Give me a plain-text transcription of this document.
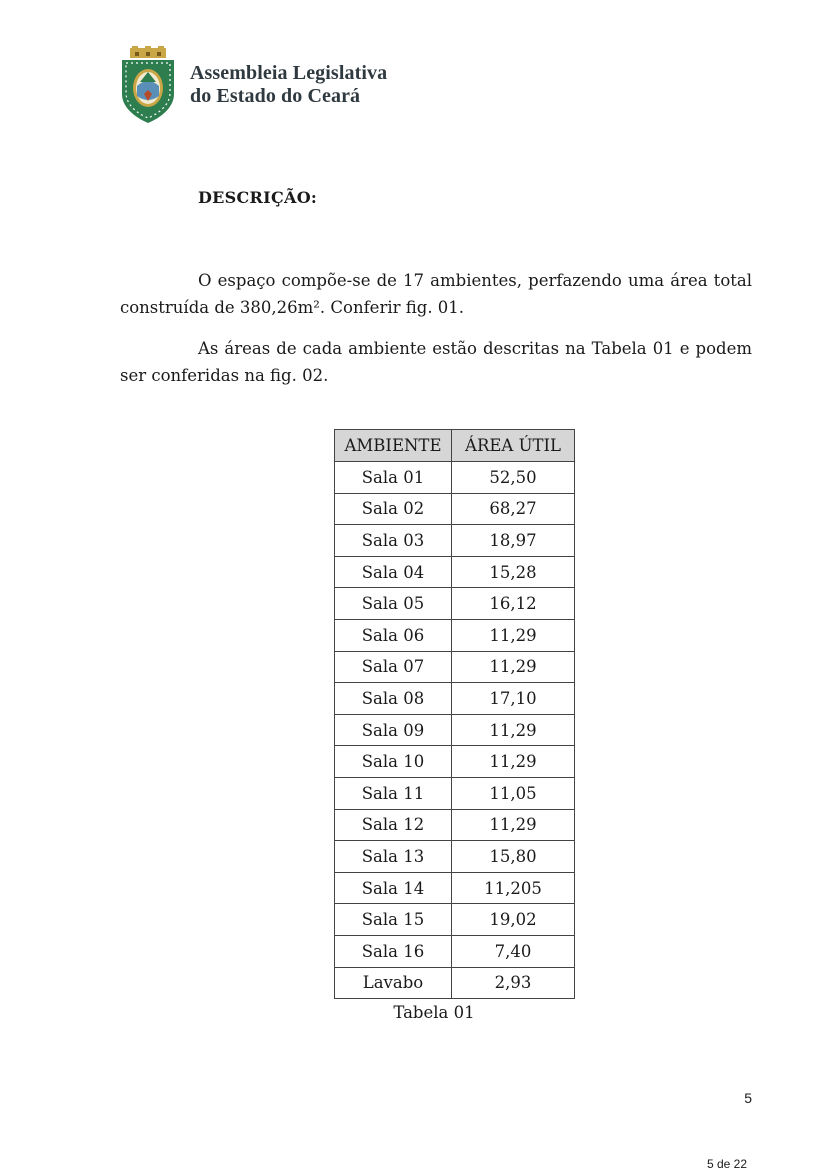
Assembleia Legislativa
do Estado do Ceará
DESCRIÇÃO:

O espaço compõe-se de 17 ambientes, perfazendo uma área total construída de 380,26m². Conferir fig. 01.

As áreas de cada ambiente estão descritas na Tabela 01 e podem ser conferidas na fig. 02.

AMBIENTE	ÁREA ÚTIL
Sala 01	52,50
Sala 02	68,27
Sala 03	18,97
Sala 04	15,28
Sala 05	16,12
Sala 06	11,29
Sala 07	11,29
Sala 08	17,10
Sala 09	11,29
Sala 10	11,29
Sala 11	11,05
Sala 12	11,29
Sala 13	15,80
Sala 14	11,205
Sala 15	19,02
Sala 16	7,40
Lavabo	2,93
Tabela 01
5
5 de 22
